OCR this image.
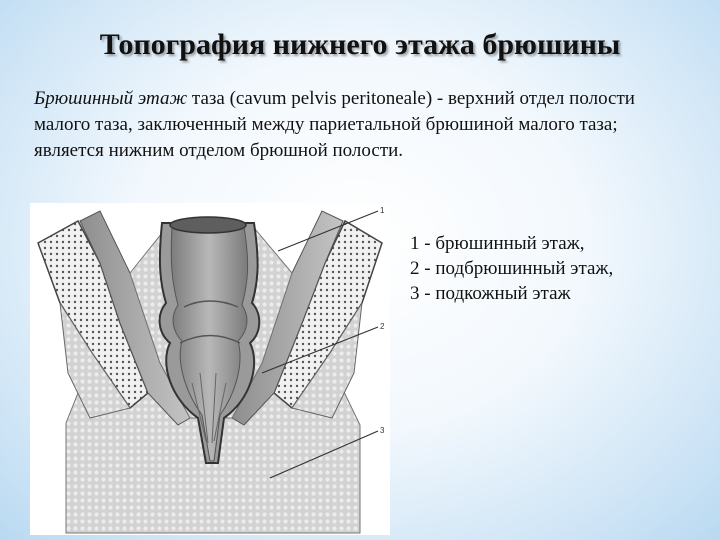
Топография нижнего этажа брюшины

Брюшинный этаж таза (cavum pelvis peritoneale) - верхний отдел полости малого таза, заключенный между париетальной брюшиной малого таза; является нижним отделом брюшной полости.

1
2
3
1 - брюшинный этаж,
2 - подбрюшинный этаж,
3 - подкожный этаж
